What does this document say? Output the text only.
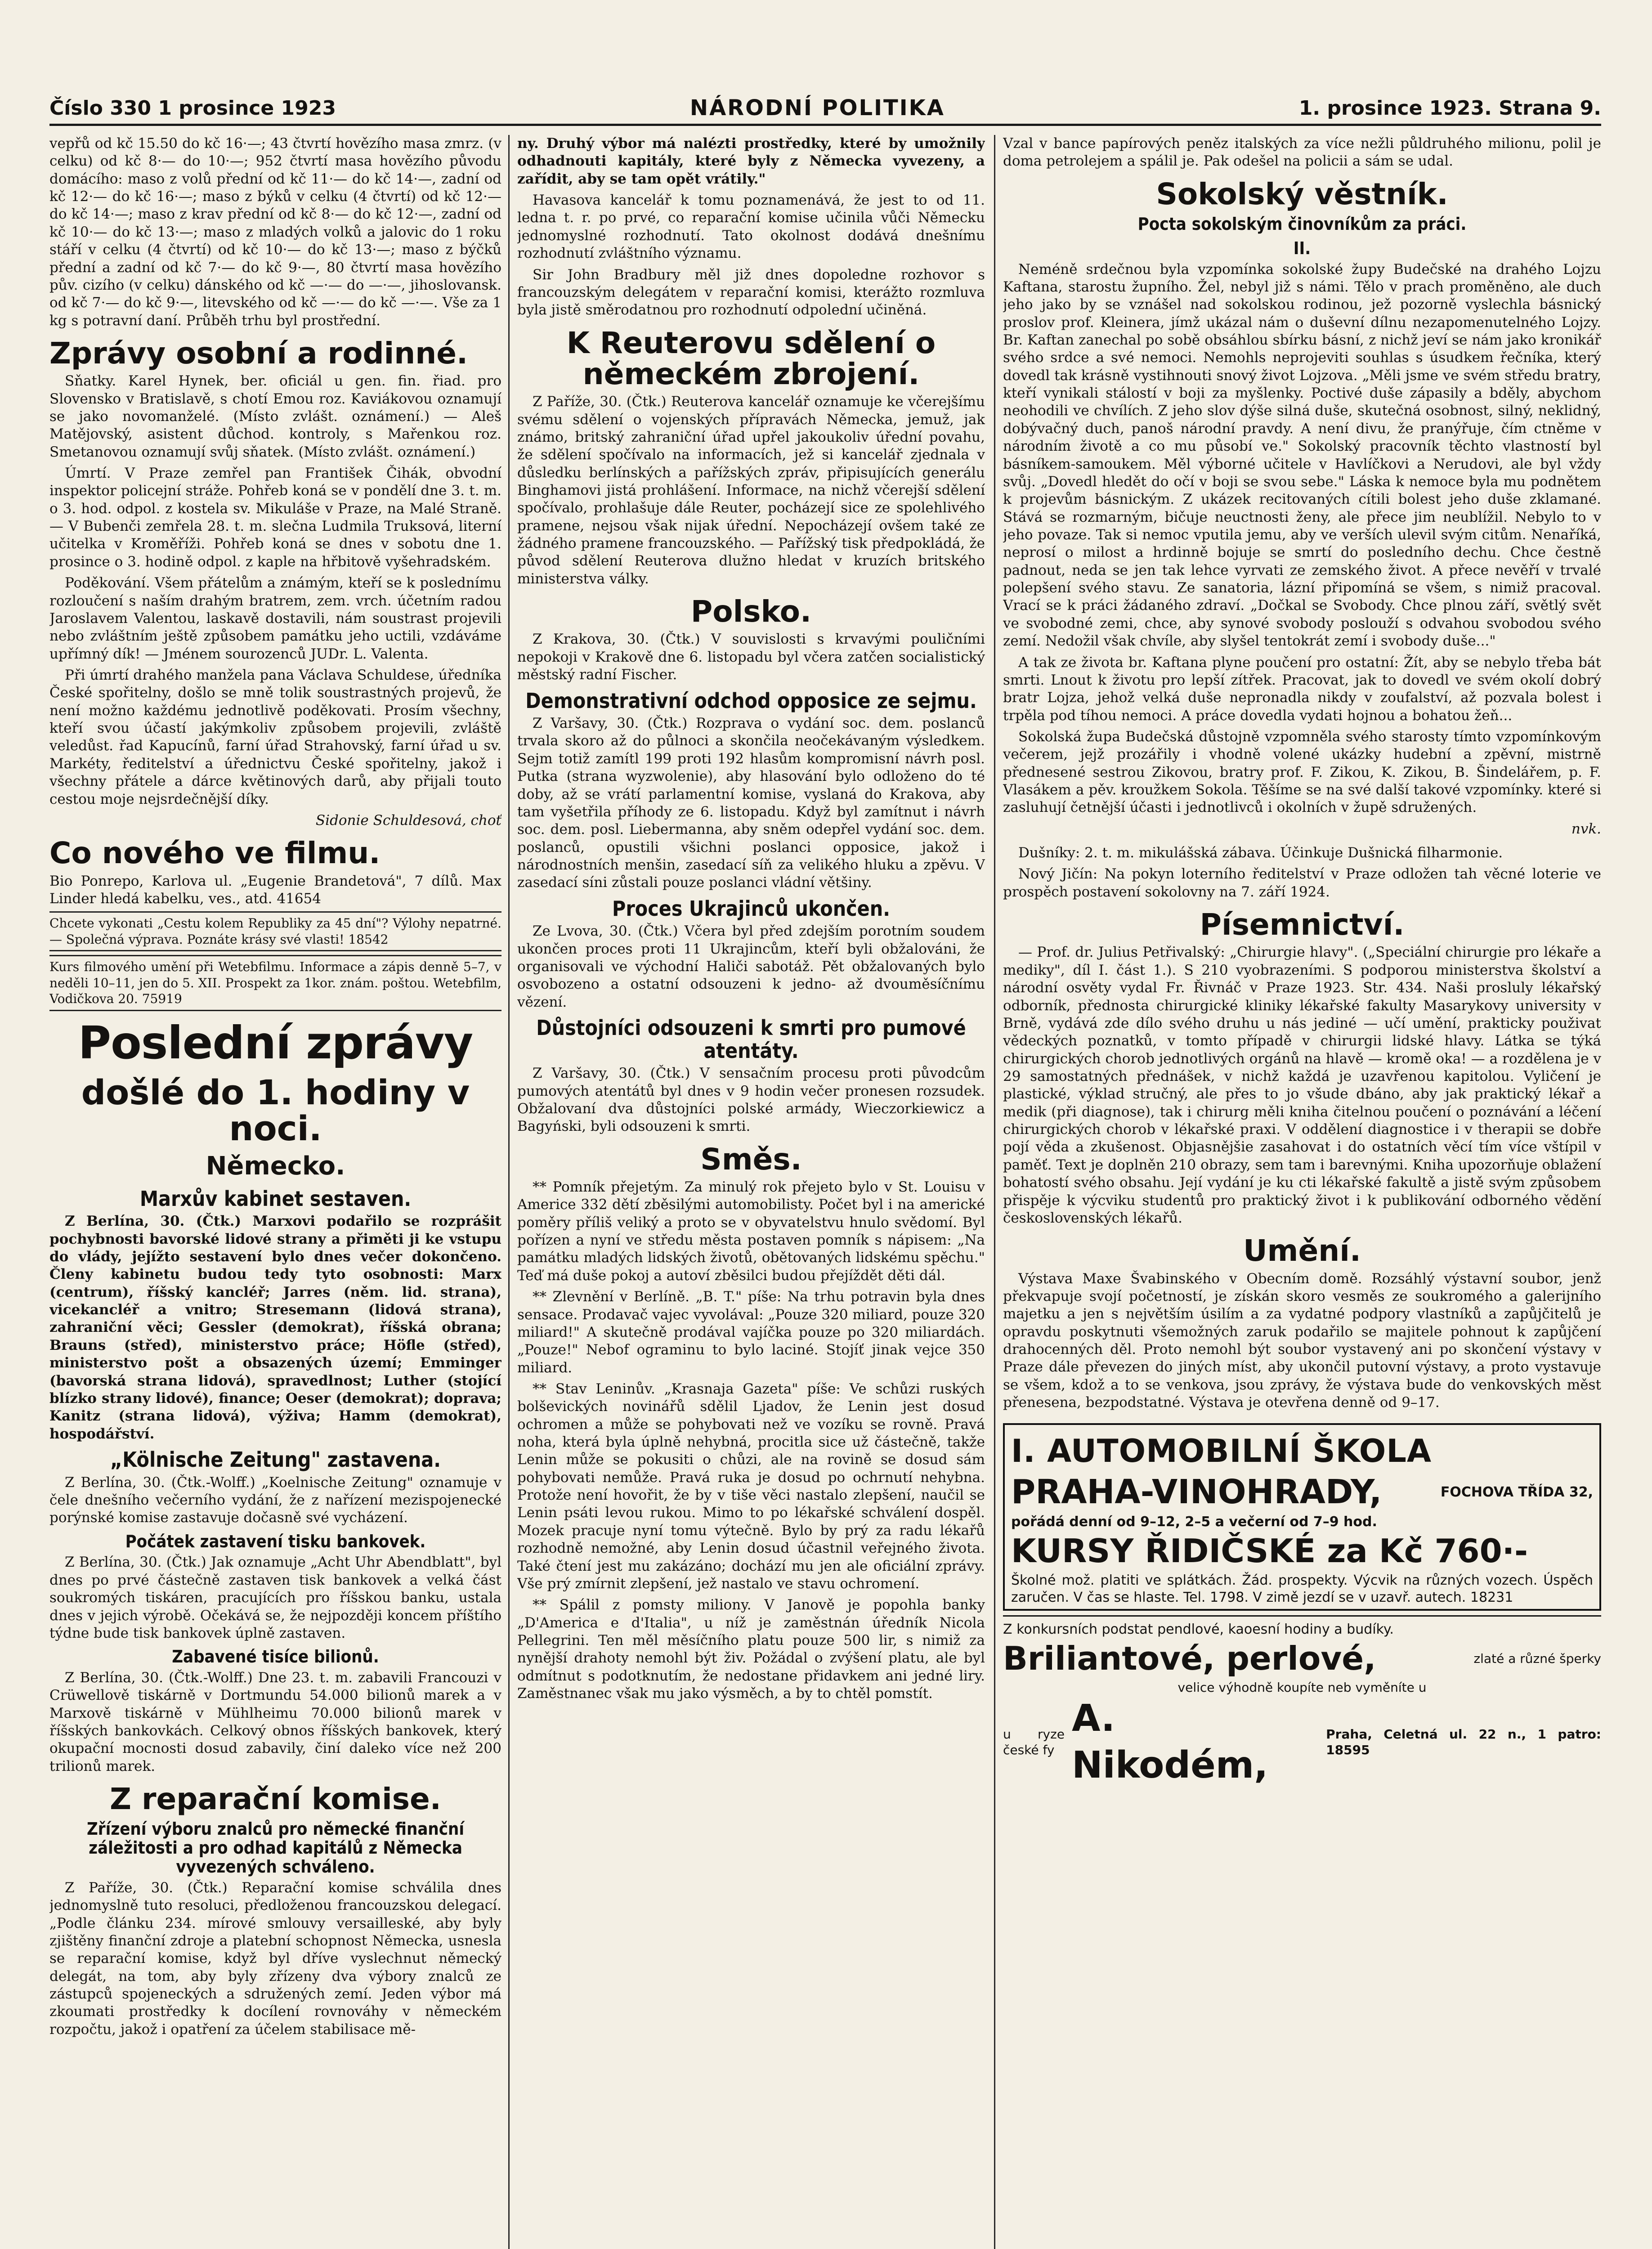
Číslo 330 1 prosince 1923	NÁRODNÍ POLITIKA	1. prosince 1923. Strana 9.

vepřů od kč 15.50 do kč 16·—; 43 čtvrtí hovězího masa zmrz. (v celku) od kč 8·— do 10·—; 952 čtvrtí masa hovězího původu domácího: maso z volů přední od kč 11·— do kč 14·—, zadní od kč 12·— do kč 16·—; maso z býků v celku (4 čtvrtí) od kč 12·— do kč 14·—; maso z krav přední od kč 8·— do kč 12·—, zadní od kč 10·— do kč 13·—; maso z mladých volků a jalovic do 1 roku stáří v celku (4 čtvrtí) od kč 10·— do kč 13·—; maso z býčků přední a zadní od kč 7·— do kč 9·—, 80 čtvrtí masa hovězího pův. cizího (v celku) dánského od kč —·— do —·—, jihoslovansk. od kč 7·— do kč 9·—, litevského od kč —·— do kč —·—. Vše za 1 kg s potravní daní. Průběh trhu byl prostřední.

Zprávy osobní a rodinné.

Sňatky. Karel Hynek, ber. oficiál u gen. fin. řiad. pro Slovensko v Bratislavě, s chotí Emou roz. Kaviákovou oznamují se jako novomanželé. (Místo zvlášt. oznámení.) — Aleš Matějovský, asistent důchod. kontroly, s Mařenkou roz. Smetanovou oznamují svůj sňatek. (Místo zvlášt. oznámení.)

Úmrtí. V Praze zemřel pan František Čihák, obvodní inspektor policejní stráže. Pohřeb koná se v pondělí dne 3. t. m. o 3. hod. odpol. z kostela sv. Mikuláše v Praze, na Malé Straně. — V Bubenči zemřela 28. t. m. slečna Ludmila Truksová, literní učitelka v Kroměříži. Pohřeb koná se dnes v sobotu dne 1. prosince o 3. hodině odpol. z kaple na hřbitově vyšehradském.

Poděkování. Všem přátelům a známým, kteří se k poslednímu rozloučení s naším drahým bratrem, zem. vrch. účetním radou Jaroslavem Valentou, laskavě dostavili, nám soustrast projevili nebo zvláštním ještě způsobem památku jeho uctili, vzdáváme upřímný dík! — Jménem sourozenců JUDr. L. Valenta.

Při úmrtí drahého manžela pana Václava Schuldese, úředníka České spořitelny, došlo se mně tolik soustrastných projevů, že není možno každému jednotlivě poděkovati. Prosím všechny, kteří svou účastí jakýmkoliv způsobem projevili, zvláště veledůst. řad Kapucínů, farní úřad Strahovský, farní úřad u sv. Markéty, ředitelství a úřednictvu České spořitelny, jakož i všechny přátele a dárce květinových darů, aby přijali touto cestou moje nejsrdečnější díky.

Sidonie Schuldesová, choť
Co nového ve filmu.

Bio Ponrepo, Karlova ul. „Eugenie Brandetová", 7 dílů. Max Linder hledá kabelku, ves., atd. 41654

Chcete vykonati „Cestu kolem Republiky za 45 dní"? Výlohy nepatrné. — Společná výprava. Poznáte krásy své vlasti! 18542
Kurs filmového umění při Wetebfilmu. Informace a zápis denně 5–7, v neděli 10–11, jen do 5. XII. Prospekt za 1kor. znám. poštou. Wetebfilm, Vodičkova 20. 75919
Poslední zprávy
došlé do 1. hodiny v noci.
Německo.
Marxův kabinet sestaven.

Z Berlína, 30. (Čtk.) Marxovi podařilo se rozprášit pochybnosti bavorské lidové strany a přiměti ji ke vstupu do vlády, jejížto sestavení bylo dnes večer dokončeno. Členy kabinetu budou tedy tyto osobnosti: Marx (centrum), říšský kancléř; Jarres (něm. lid. strana), vicekancléř a vnitro; Stresemann (lidová strana), zahraniční věci; Gessler (demokrat), říšská obrana; Brauns (střed), ministerstvo práce; Höfle (střed), ministerstvo pošt a obsazených území; Emminger (bavorská strana lidová), spravedlnost; Luther (stojící blízko strany lidové), finance; Oeser (demokrat); doprava; Kanitz (strana lidová), výživa; Hamm (demokrat), hospodářství.

„Kölnische Zeitung" zastavena.

Z Berlína, 30. (Čtk.-Wolff.) „Koelnische Zeitung" oznamuje v čele dnešního večerního vydání, že z nařízení mezispojenecké porýnské komise zastavuje dočasně své vycházení.

Počátek zastavení tisku bankovek.

Z Berlína, 30. (Čtk.) Jak oznamuje „Acht Uhr Abendblatt", byl dnes po prvé částečně zastaven tisk bankovek a velká část soukromých tiskáren, pracujících pro říšskou banku, ustala dnes v jejich výrobě. Očekává se, že nejpozději koncem příštího týdne bude tisk bankovek úplně zastaven.

Zabavené tisíce bilionů.

Z Berlína, 30. (Čtk.-Wolff.) Dne 23. t. m. zabavili Francouzi v Crüwellově tiskárně v Dortmundu 54.000 bilionů marek a v Marxově tiskárně v Mühlheimu 70.000 bilionů marek v říšských bankovkách. Celkový obnos říšských bankovek, který okupační mocnosti dosud zabavily, činí daleko více než 200 trilionů marek.

Z reparační komise.
Zřízení výboru znalců pro německé finanční záležitosti a pro odhad kapitálů z Německa vyvezených schváleno.

Z Paříže, 30. (Čtk.) Reparační komise schválila dnes jednomyslně tuto resoluci, předloženou francouzskou delegací. „Podle článku 234. mírové smlouvy versailleské, aby byly zjištěny finanční zdroje a platební schopnost Německa, usnesla se reparační komise, když byl dříve vyslechnut německý delegát, na tom, aby byly zřízeny dva výbory znalců ze zástupců spojeneckých a sdružených zemí. Jeden výbor má zkoumati prostředky k docílení rovnováhy v německém rozpočtu, jakož i opatření za účelem stabilisace mě-

ny. Druhý výbor má nalézti prostředky, které by umožnily odhadnouti kapitály, které byly z Německa vyvezeny, a zařídit, aby se tam opět vrátily."

Havasova kancelář k tomu poznamenává, že jest to od 11. ledna t. r. po prvé, co reparační komise učinila vůči Německu jednomyslné rozhodnutí. Tato okolnost dodává dnešnímu rozhodnutí zvláštního významu.

Sir John Bradbury měl již dnes dopoledne rozhovor s francouzským delegátem v reparační komisi, kterážto rozmluva byla jistě směrodatnou pro rozhodnutí odpolední učiněná.

K Reuterovu sdělení o německém zbrojení.

Z Paříže, 30. (Čtk.) Reuterova kancelář oznamuje ke včerejšímu svému sdělení o vojenských přípravách Německa, jemuž, jak známo, britský zahraniční úřad upřel jakoukoliv úřední povahu, že sdělení spočívalo na informacích, jež si kancelář zjednala v důsledku berlínských a pařížských zpráv, připisujících generálu Binghamovi jistá prohlášení. Informace, na nichž včerejší sdělení spočívalo, prohlašuje dále Reuter, pocházejí sice ze spolehlivého pramene, nejsou však nijak úřední. Nepocházejí ovšem také ze žádného pramene francouzského. — Pařížský tisk předpokládá, že původ sdělení Reuterova dlužno hledat v kruzích britského ministerstva války.

Polsko.

Z Krakova, 30. (Čtk.) V souvislosti s krvavými pouličními nepokoji v Krakově dne 6. listopadu byl včera zatčen socialistický městský radní Fischer.

Demonstrativní odchod opposice ze sejmu.

Z Varšavy, 30. (Čtk.) Rozprava o vydání soc. dem. poslanců trvala skoro až do půlnoci a skončila neočekávaným výsledkem. Sejm totiž zamítl 199 proti 192 hlasům kompromisní návrh posl. Putka (strana wyzwolenie), aby hlasování bylo odloženo do té doby, až se vrátí parlamentní komise, vyslaná do Krakova, aby tam vyšetřila příhody ze 6. listopadu. Když byl zamítnut i návrh soc. dem. posl. Liebermanna, aby sněm odepřel vydání soc. dem. poslanců, opustili všichni poslanci opposice, jakož i národnostních menšin, zasedací síň za velikého hluku a zpěvu. V zasedací síni zůstali pouze poslanci vládní většiny.

Proces Ukrajinců ukončen.

Ze Lvova, 30. (Čtk.) Včera byl před zdejším porotním soudem ukončen proces proti 11 Ukrajincům, kteří byli obžalováni, že organisovali ve východní Haliči sabotáž. Pět obžalovaných bylo osvobozeno a ostatní odsouzeni k jedno- až dvouměsíčnímu vězení.

Důstojníci odsouzeni k smrti pro pumové atentáty.

Z Varšavy, 30. (Čtk.) V sensačním procesu proti původcům pumových atentátů byl dnes v 9 hodin večer pronesen rozsudek. Obžalovaní dva důstojníci polské armády, Wieczorkiewicz a Bagyński, byli odsouzeni k smrti.

Směs.

** Pomník přejetým. Za minulý rok přejeto bylo v St. Louisu v Americe 332 dětí zběsilými automobilisty. Počet byl i na americké poměry příliš veliký a proto se v obyvatelstvu hnulo svědomí. Byl pořízen a nyní ve středu města postaven pomník s nápisem: „Na památku mladých lidských životů, obětovaných lidskému spěchu." Teď má duše pokoj a autoví zběsilci budou přejíždět děti dál.

** Zlevnění v Berlíně. „B. T." píše: Na trhu potravin byla dnes sensace. Prodavač vajec vyvolával: „Pouze 320 miliard, pouze 320 miliard!" A skutečně prodával vajíčka pouze po 320 miliardách. „Pouze!" Nebof ograminu to bylo laciné. Stojíť jinak vejce 350 miliard.

** Stav Leninův. „Krasnaja Gazeta" píše: Ve schůzi ruských bolševických novinářů sdělil Ljadov, že Lenin jest dosud ochromen a může se pohybovati než ve vozíku se rovně. Pravá noha, která byla úplně nehybná, procitla sice už částečně, takže Lenin může se pokusiti o chůzi, ale na rovině se dosud sám pohybovati nemůže. Pravá ruka je dosud po ochrnutí nehybna. Protože není hovořit, že by v tiše věci nastalo zlepšení, naučil se Lenin psáti levou rukou. Mimo to po lékařské schválení dospěl. Mozek pracuje nyní tomu výtečně. Bylo by prý za radu lékařů rozhodně nemožné, aby Lenin dosud účastnil veřejného života. Také čtení jest mu zakázáno; dochází mu jen ale oficiální zprávy. Vše prý zmírnit zlepšení, jež nastalo ve stavu ochromení.

** Spálil z pomsty miliony. V Janově je popohla banky „D'America e d'Italia", u níž je zaměstnán úředník Nicola Pellegrini. Ten měl měsíčního platu pouze 500 lir, s nimiž za nynější drahoty nemohl být živ. Požádal o zvýšení platu, ale byl odmítnut s podotknutím, že nedostane přidavkem ani jedné liry. Zaměstnanec však mu jako výsměch, a by to chtěl pomstít.

Vzal v bance papírových peněz italských za více nežli půldruhého milionu, polil je doma petrolejem a spálil je. Pak odešel na policii a sám se udal.

Sokolský věstník.
Pocta sokolským činovníkům za práci.
II.

Neméně srdečnou byla vzpomínka sokolské župy Budečské na drahého Lojzu Kaftana, starostu župního. Žel, nebyl již s námi. Tělo v prach proměněno, ale duch jeho jako by se vznášel nad sokolskou rodinou, jež pozorně vyslechla básnický proslov prof. Kleinera, jímž ukázal nám o duševní dílnu nezapomenutelného Lojzy. Br. Kaftan zanechal po sobě obsáhlou sbírku básní, z nichž jeví se nám jako kronikář svého srdce a své nemoci. Nemohls neprojeviti souhlas s úsudkem řečníka, který dovedl tak krásně vystihnouti snový život Lojzova. „Měli jsme ve svém středu bratry, kteří vynikali stálostí v boji za myšlenky. Poctivé duše zápasily a bděly, abychom neohodili ve chvílích. Z jeho slov dýše silná duše, skutečná osobnost, silný, neklidný, dobývačný duch, panoš národní pravdy. A není divu, že pranýřuje, čím ctněme v národním životě a co mu působí ve." Sokolský pracovník těchto vlastností byl básníkem-samoukem. Měl výborné učitele v Havlíčkovi a Nerudovi, ale byl vždy svůj. „Dovedl hledět do očí v boji se svou sebe." Láska k nemoce byla mu podnětem k projevům básnickým. Z ukázek recitovaných cítili bolest jeho duše zklamané. Stává se rozmarným, bičuje neuctnosti ženy, ale přece jim neublížil. Nebylo to v jeho povaze. Tak si nemoc vputila jemu, aby ve verších ulevil svým citům. Nenaříká, neprosí o milost a hrdinně bojuje se smrtí do posledního dechu. Chce čestně padnout, neda se jen tak lehce vyrvati ze zemského život. A přece nevěří v trvalé polepšení svého stavu. Ze sanatoria, lázní připomíná se všem, s nimiž pracoval. Vrací se k práci žádaného zdraví. „Dočkal se Svobody. Chce plnou září, světlý svět ve svobodné zemi, chce, aby synové svobody poslouží s odvahou svobodou svého zemí. Nedožil však chvíle, aby slyšel tentokrát zemí i svobody duše..."

A tak ze života br. Kaftana plyne poučení pro ostatní: Žít, aby se nebylo třeba bát smrti. Lnout k životu pro lepší zítřek. Pracovat, jak to dovedl ve svém okolí dobrý bratr Lojza, jehož velká duše nepronadla nikdy v zoufalství, až pozvala bolest i trpěla pod tíhou nemoci. A práce dovedla vydati hojnou a bohatou žeň...

Sokolská župa Budečská důstojně vzpomněla svého starosty tímto vzpomínkovým večerem, jejž prozářily i vhodně volené ukázky hudební a zpěvní, mistrně přednesené sestrou Zikovou, bratry prof. F. Zikou, K. Zikou, B. Šindelářem, p. F. Vlasákem a pěv. kroužkem Sokola. Těšíme se na své další takové vzpomínky. které si zasluhují četnější účasti i jednotlivců i okolních v župě sdružených.

nvk.

Dušníky: 2. t. m. mikulášská zábava. Účinkuje Dušnická filharmonie.

Nový Jičín: Na pokyn loterního ředitelství v Praze odložen tah věcné loterie ve prospěch postavení sokolovny na 7. září 1924.

Písemnictví.

— Prof. dr. Julius Petřivalský: „Chirurgie hlavy". („Speciální chirurgie pro lékaře a mediky", díl I. část 1.). S 210 vyobrazeními. S podporou ministerstva školství a národní osvěty vydal Fr. Řivnáč v Praze 1923. Str. 434. Naši prosluly lékařský odborník, přednosta chirurgické kliniky lékařské fakulty Masarykovy university v Brně, vydává zde dílo svého druhu u nás jediné — učí umění, prakticky použivat vědeckých poznatků, v tomto případě v chirurgii lidské hlavy. Látka se týká chirurgických chorob jednotlivých orgánů na hlavě — kromě oka! — a rozdělena je v 29 samostatných přednášek, v nichž každá je uzavřenou kapitolou. Vyličení je plastické, výklad stručný, ale přes to jo všude dbáno, aby jak praktický lékař a medik (při diagnose), tak i chirurg měli kniha čitelnou poučení o poznávání a léčení chirurgických chorob v lékařské praxi. V oddělení diagnostice i v therapii se dobře pojí věda a zkušenost. Objasnějšie zasahovat i do ostatních věcí tím více vštípil v paměť. Text je doplněn 210 obrazy, sem tam i barevnými. Kniha upozorňuje oblažení bohatostí svého obsahu. Její vydání je ku cti lékařské fakultě a jistě svým způsobem přispěje k výcviku studentů pro praktický život i k publikování odborného vědění československých lékařů.

Umění.

Výstava Maxe Švabinského v Obecním domě. Rozsáhlý výstavní soubor, jenž překvapuje svojí početností, je získán skoro vesměs ze soukromého a galerijního majetku a jen s největším úsilím a za vydatné podpory vlastníků a zapůjčitelů je opravdu poskytnuti všemožných zaruk podařilo se majitele pohnout k zapůjčení drahocenných děl. Proto nemohl být soubor vystavený ani po skončení výstavy v Praze dále převezen do jiných míst, aby ukončil putovní výstavy, a proto vystavuje se všem, kdož a to se venkova, jsou zprávy, že výstava bude do venkovských měst přenesena, bezpodstatné. Výstava je otevřena denně od 9–17.

I. AUTOMOBILNÍ ŠKOLA
PRAHA-VINOHRADY,	FOCHOVA TŘÍDA 32,
pořádá denní od 9–12, 2–5 a večerní od 7–9 hod.
KURSY ŘIDIČSKÉ za Kč 760·-
Školné mož. platiti ve splátkách. Žád. prospekty. Výcvik na různých vozech. Úspěch zaručen. V čas se hlaste. Tel. 1798. V zimě jezdí se v uzavř. autech. 18231
Z konkursních podstat pendlové, kaoesní hodiny a budíky.
Briliantové, perlové,	zlaté a různé šperky
velice výhodně koupíte neb vyměníte u
u ryze české fy
A. Nikodém,
Praha, Celetná ul. 22 n., 1 patro: 18595
